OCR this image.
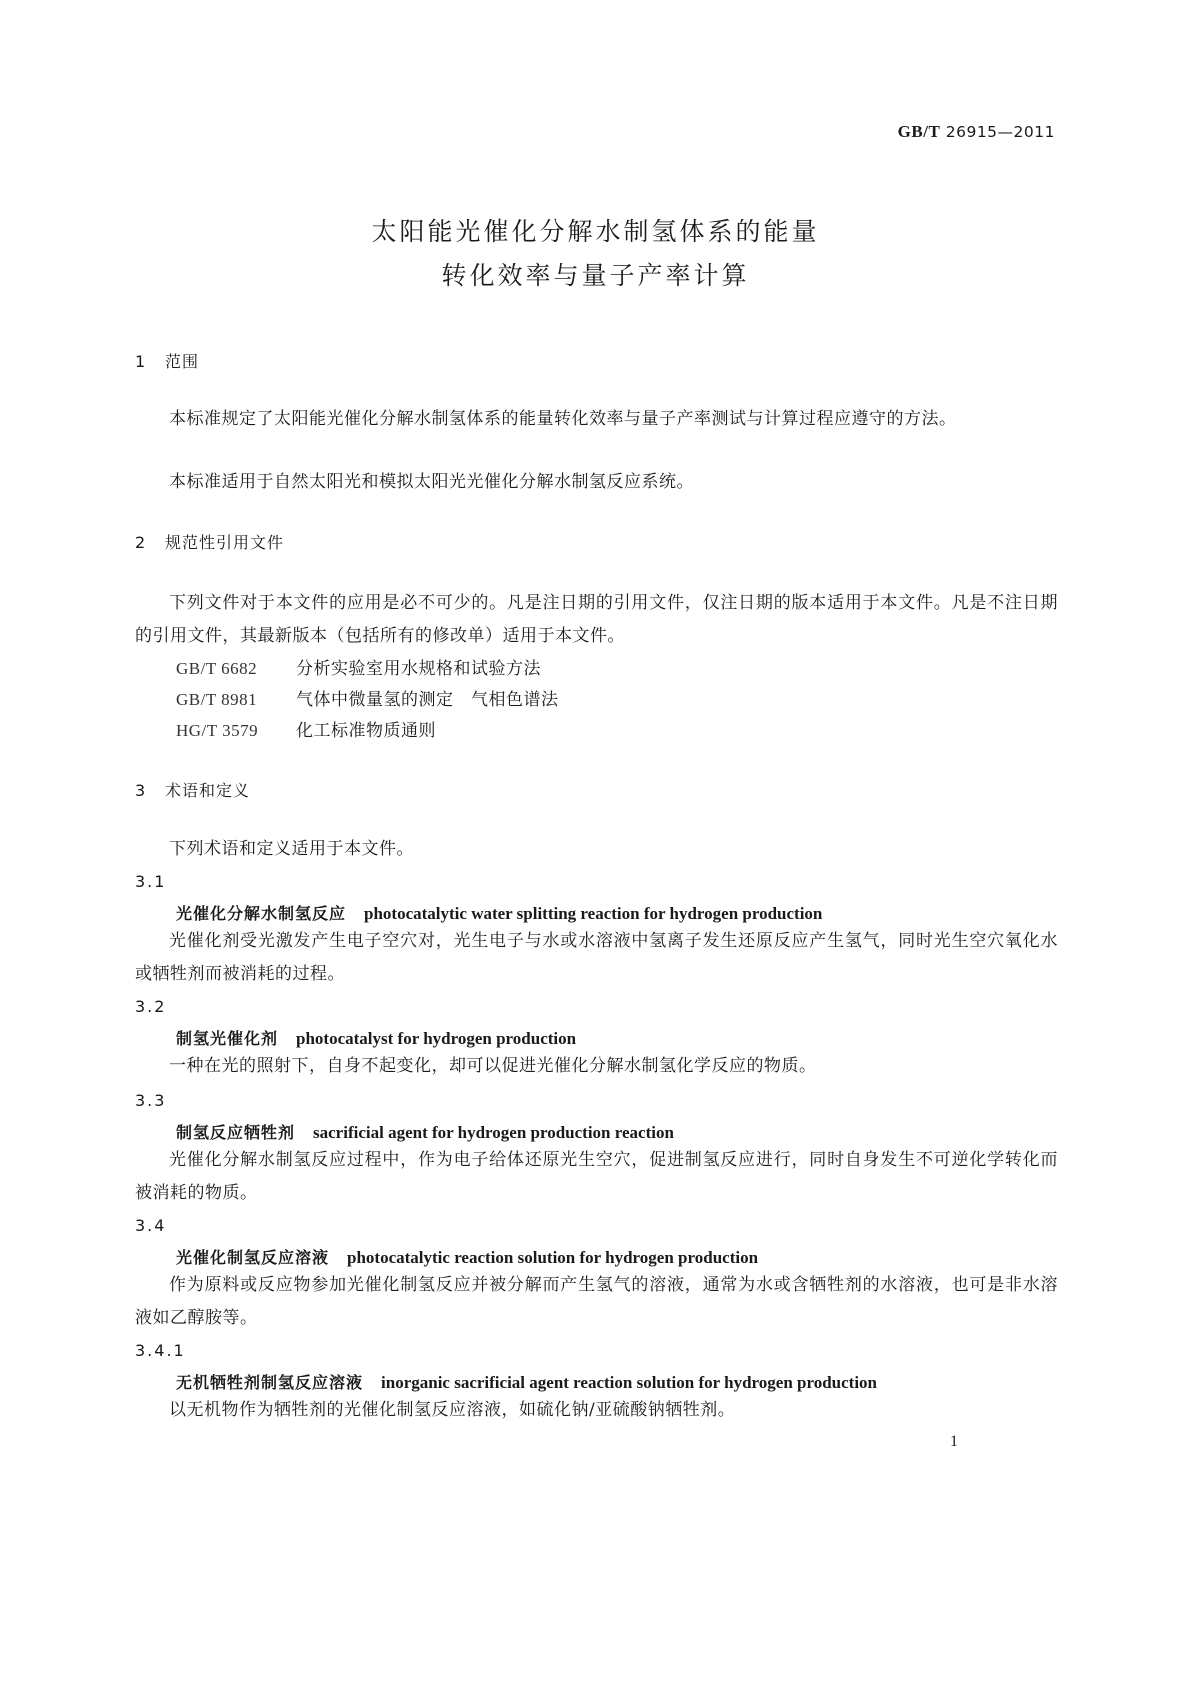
GB/T 26915—2011
太阳能光催化分解水制氢体系的能量
转化效率与量子产率计算
1 范围
本标准规定了太阳能光催化分解水制氢体系的能量转化效率与量子产率测试与计算过程应遵守的方法。
本标准适用于自然太阳光和模拟太阳光光催化分解水制氢反应系统。
2 规范性引用文件
下列文件对于本文件的应用是必不可少的。凡是注日期的引用文件，仅注日期的版本适用于本文件。凡是不注日期的引用文件，其最新版本（包括所有的修改单）适用于本文件。
GB/T 6682 分析实验室用水规格和试验方法
GB/T 8981 气体中微量氢的测定　气相色谱法
HG/T 3579 化工标准物质通则
3 术语和定义
下列术语和定义适用于本文件。
3.1
光催化分解水制氢反应 photocatalytic water splitting reaction for hydrogen production
光催化剂受光激发产生电子空穴对，光生电子与水或水溶液中氢离子发生还原反应产生氢气，同时光生空穴氧化水或牺牲剂而被消耗的过程。
3.2
制氢光催化剂 photocatalyst for hydrogen production
一种在光的照射下，自身不起变化，却可以促进光催化分解水制氢化学反应的物质。
3.3
制氢反应牺牲剂 sacrificial agent for hydrogen production reaction
光催化分解水制氢反应过程中，作为电子给体还原光生空穴，促进制氢反应进行，同时自身发生不可逆化学转化而被消耗的物质。
3.4
光催化制氢反应溶液 photocatalytic reaction solution for hydrogen production
作为原料或反应物参加光催化制氢反应并被分解而产生氢气的溶液，通常为水或含牺牲剂的水溶液，也可是非水溶液如乙醇胺等。
3.4.1
无机牺牲剂制氢反应溶液 inorganic sacrificial agent reaction solution for hydrogen production
以无机物作为牺牲剂的光催化制氢反应溶液，如硫化钠/亚硫酸钠牺牲剂。
1
